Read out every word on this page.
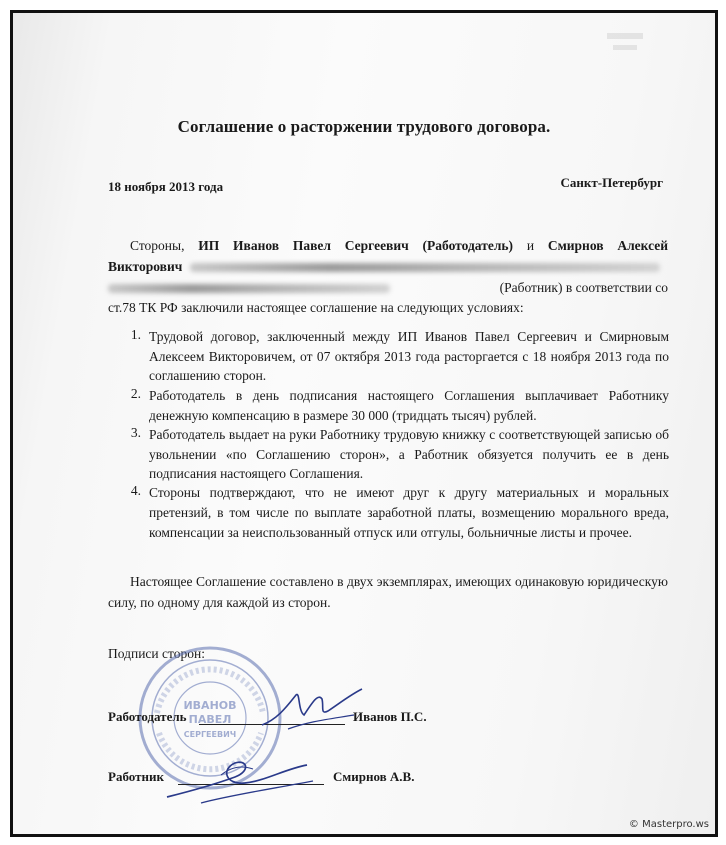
Соглашение о расторжении трудового договора.
18 ноября 2013 года	Санкт-Петербург
Стороны, ИП Иванов Павел Сергеевич (Работодатель) и Смирнов Алексей
Викторович
(Работник) в соответствии со
ст.78 ТК РФ заключили настоящее соглашение на следующих условиях:
1. Трудовой договор, заключенный между ИП Иванов Павел Сергеевич и Смирновым Алексеем Викторовичем, от 07 октября 2013 года расторгается с 18 ноября 2013 года по соглашению сторон.
2. Работодатель в день подписания настоящего Соглашения выплачивает Работнику денежную компенсацию в размере 30 000 (тридцать тысяч) рублей.
3. Работодатель выдает на руки Работнику трудовую книжку с соответствующей записью об увольнении «по Соглашению сторон», а Работник обязуется получить ее в день подписания настоящего Соглашения.
4. Стороны подтверждают, что не имеют друг к другу материальных и моральных претензий, в том числе по выплате заработной платы, возмещению морального вреда, компенсации за неиспользованный отпуск или отгулы, больничные листы и прочее.
Настоящее Соглашение составлено в двух экземплярах, имеющих одинаковую юридическую силу, по одному для каждой из сторон.
Подписи сторон:
ИВАНОВ
ПАВЕЛ
СЕРГЕЕВИЧ
Работодатель	Иванов П.С.
Работник	Смирнов А.В.
© Masterpro.ws
